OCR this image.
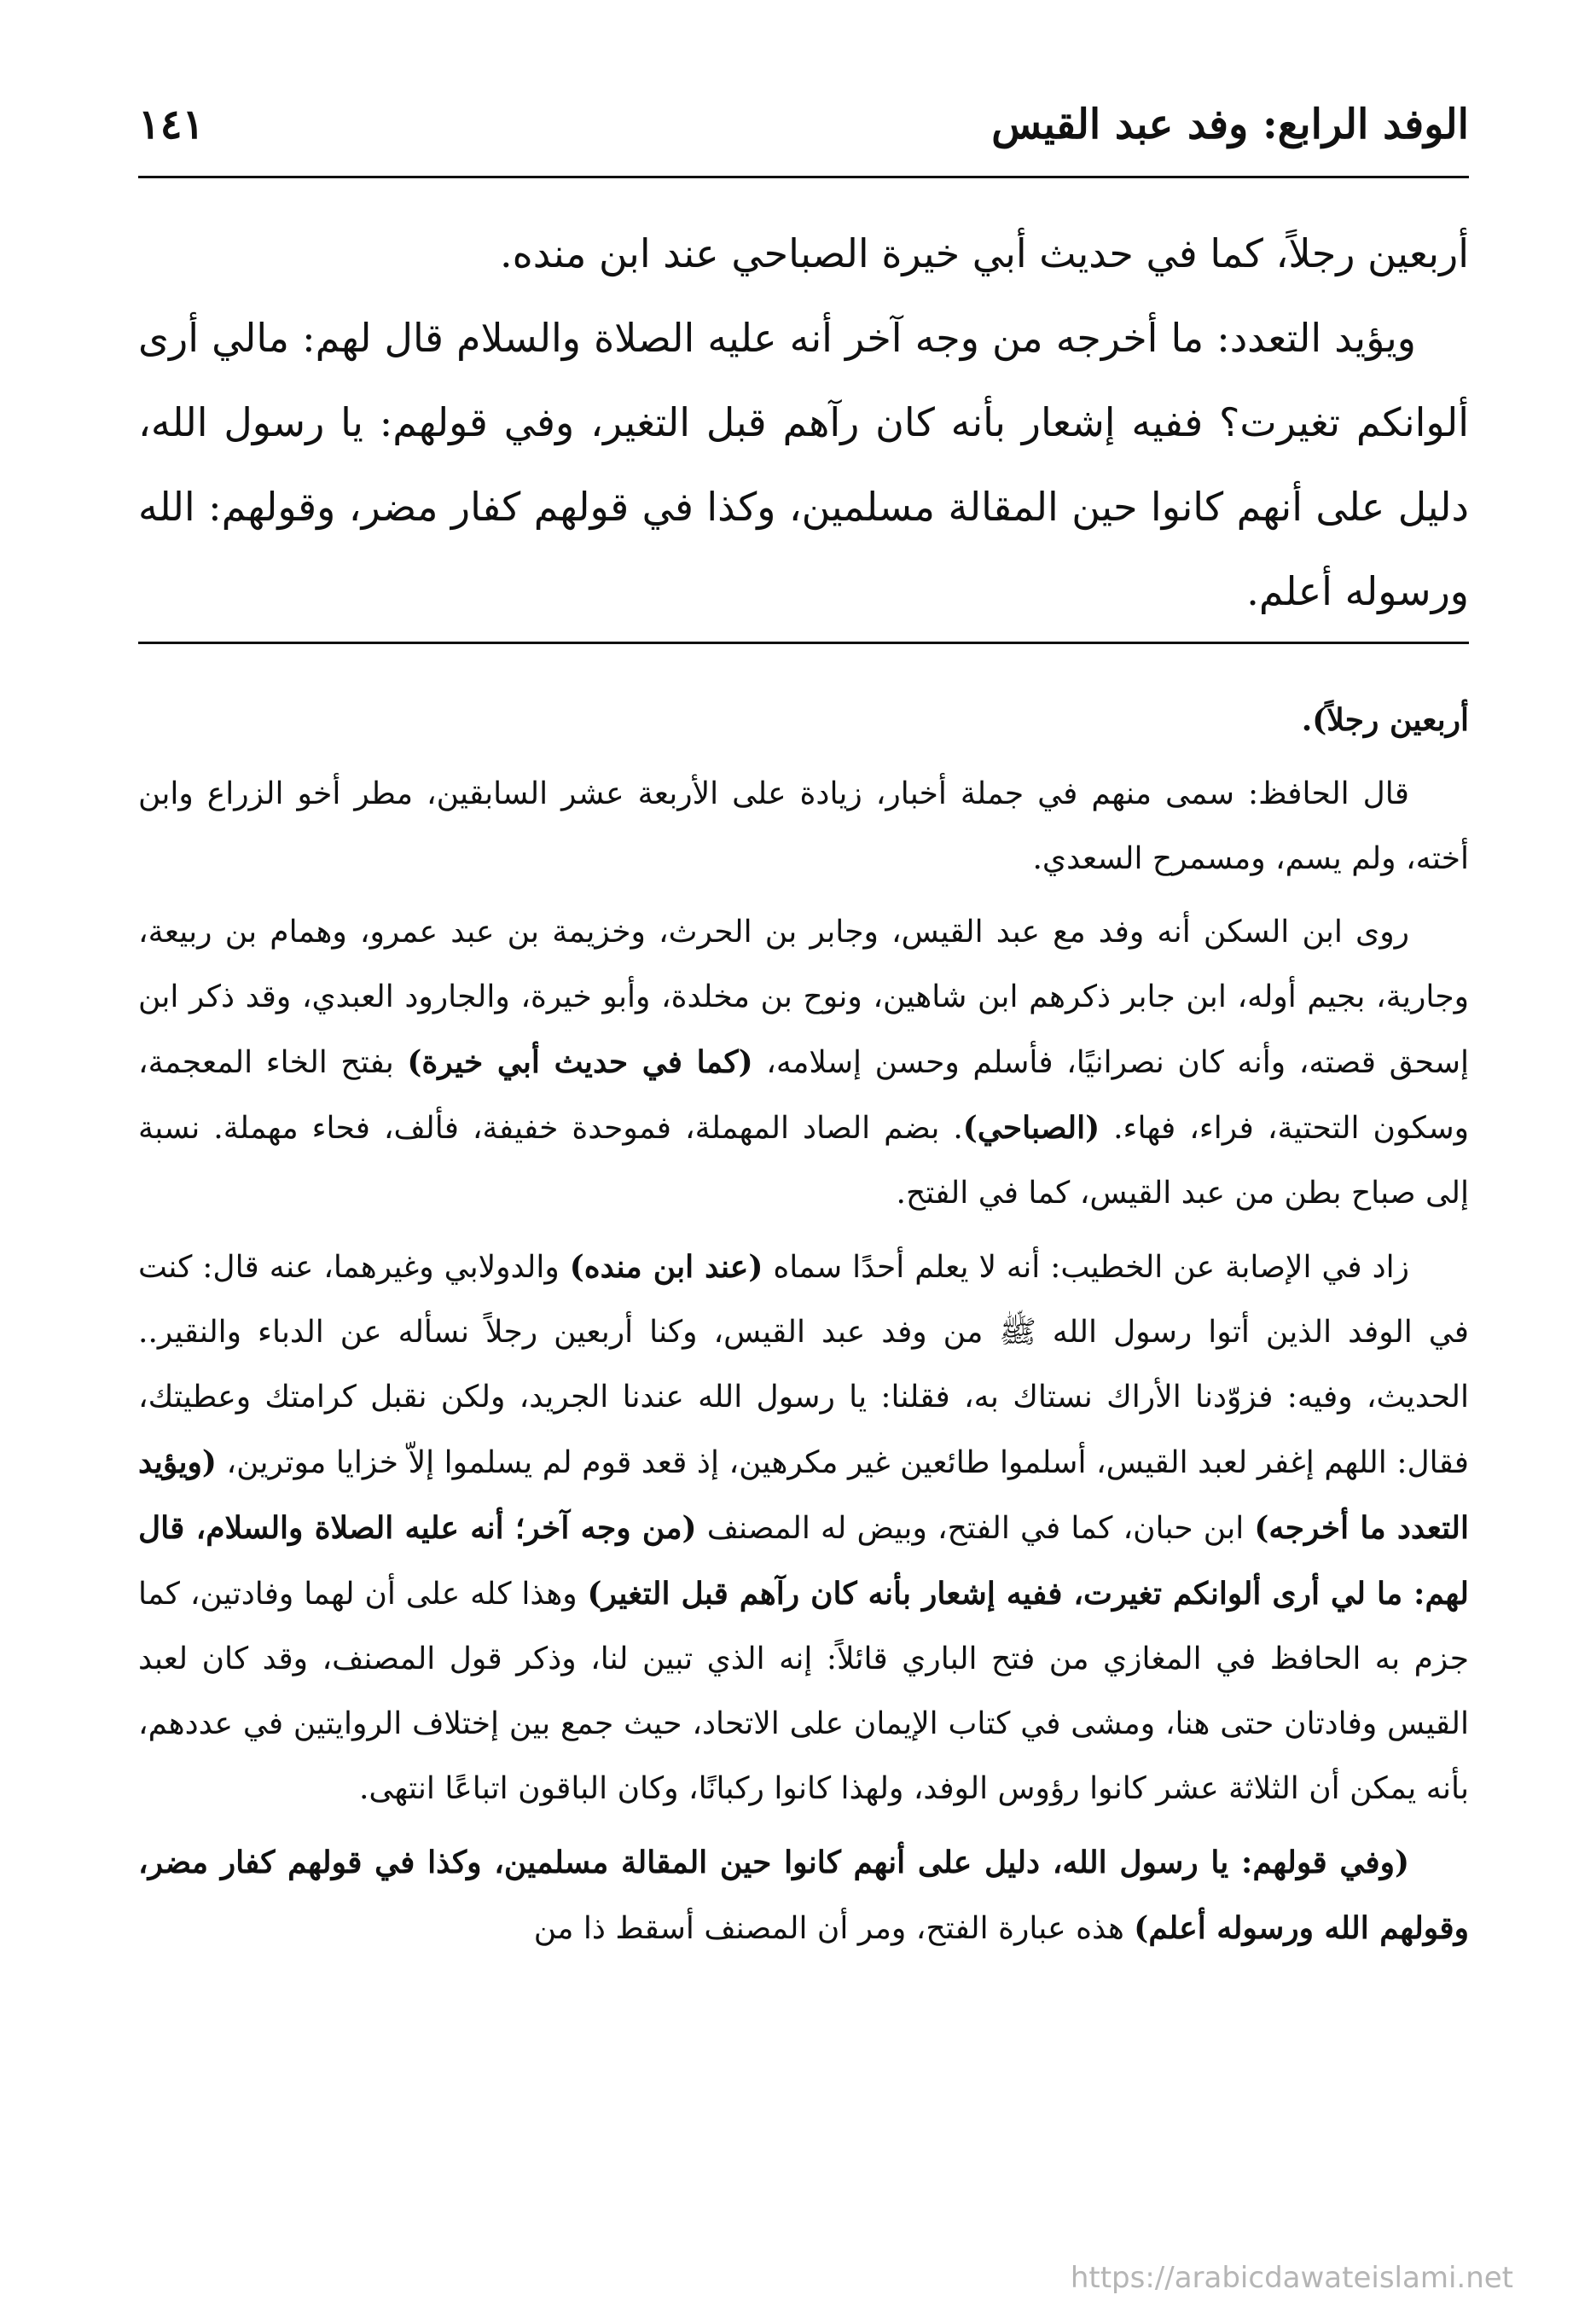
١٤١	الوفد الرابع: وفد عبد القيس

أربعين رجلاً، كما في حديث أبي خيرة الصباحي عند ابن منده.

ويؤيد التعدد: ما أخرجه من وجه آخر أنه عليه الصلاة والسلام قال لهم: مالي أرى ألوانكم تغيرت؟ ففيه إشعار بأنه كان رآهم قبل التغير، وفي قولهم: يا رسول الله، دليل على أنهم كانوا حين المقالة مسلمين، وكذا في قولهم كفار مضر، وقولهم: الله ورسوله أعلم.

أربعين رجلاً).

قال الحافظ: سمى منهم في جملة أخبار، زيادة على الأربعة عشر السابقين، مطر أخو الزراع وابن أخته، ولم يسم، ومسمرح السعدي.

روى ابن السكن أنه وفد مع عبد القيس، وجابر بن الحرث، وخزيمة بن عبد عمرو، وهمام بن ربيعة، وجارية، بجيم أوله، ابن جابر ذكرهم ابن شاهين، ونوح بن مخلدة، وأبو خيرة، والجارود العبدي، وقد ذكر ابن إسحق قصته، وأنه كان نصرانيًا، فأسلم وحسن إسلامه، (كما في حديث أبي خيرة) بفتح الخاء المعجمة، وسكون التحتية، فراء، فهاء. (الصباحي). بضم الصاد المهملة، فموحدة خفيفة، فألف، فحاء مهملة. نسبة إلى صباح بطن من عبد القيس، كما في الفتح.

زاد في الإصابة عن الخطيب: أنه لا يعلم أحدًا سماه (عند ابن منده) والدولابي وغيرهما، عنه قال: كنت في الوفد الذين أتوا رسول الله ﷺ من وفد عبد القيس، وكنا أربعين رجلاً نسأله عن الدباء والنقير.. الحديث، وفيه: فزوّدنا الأراك نستاك به، فقلنا: يا رسول الله عندنا الجريد، ولكن نقبل كرامتك وعطيتك، فقال: اللهم إغفر لعبد القيس، أسلموا طائعين غير مكرهين، إذ قعد قوم لم يسلموا إلاّ خزايا موترين، (ويؤيد التعدد ما أخرجه) ابن حبان، كما في الفتح، وبيض له المصنف (من وجه آخر؛ أنه عليه الصلاة والسلام، قال لهم: ما لي أرى ألوانكم تغيرت، ففيه إشعار بأنه كان رآهم قبل التغير) وهذا كله على أن لهما وفادتين، كما جزم به الحافظ في المغازي من فتح الباري قائلاً: إنه الذي تبين لنا، وذكر قول المصنف، وقد كان لعبد القيس وفادتان حتى هنا، ومشى في كتاب الإيمان على الاتحاد، حيث جمع بين إختلاف الروايتين في عددهم، بأنه يمكن أن الثلاثة عشر كانوا رؤوس الوفد، ولهذا كانوا ركبانًا، وكان الباقون اتباعًا انتهى.

(وفي قولهم: يا رسول الله، دليل على أنهم كانوا حين المقالة مسلمين، وكذا في قولهم كفار مضر، وقولهم الله ورسوله أعلم) هذه عبارة الفتح، ومر أن المصنف أسقط ذا من

https://arabicdawateislami.net
